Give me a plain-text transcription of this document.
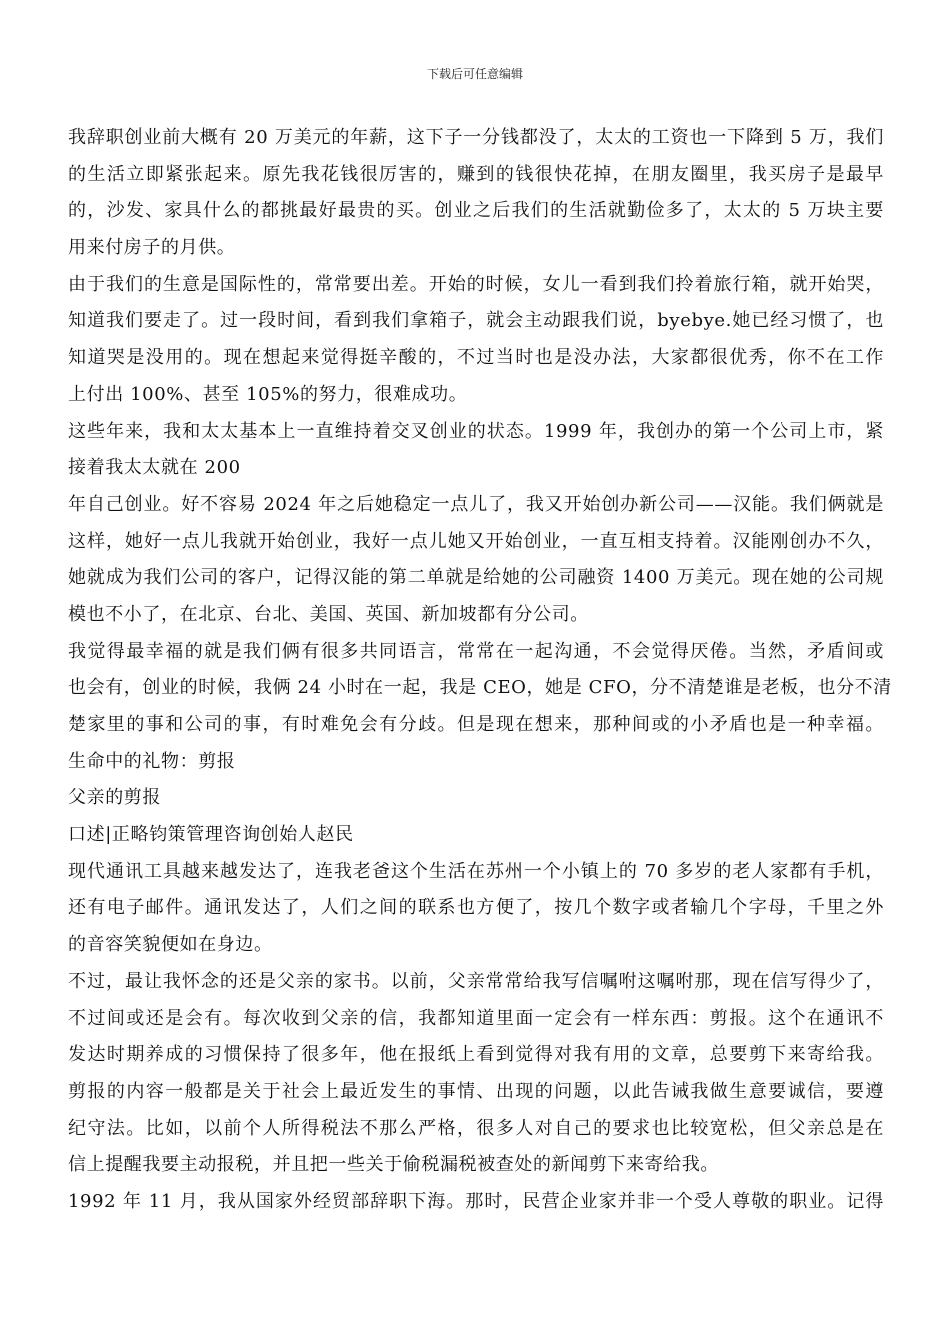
下载后可任意编辑
我辞职创业前大概有 20 万美元的年薪，这下子一分钱都没了，太太的工资也一下降到 5 万，我们
的生活立即紧张起来。原先我花钱很厉害的，赚到的钱很快花掉，在朋友圈里，我买房子是最早
的，沙发、家具什么的都挑最好最贵的买。创业之后我们的生活就勤俭多了，太太的 5 万块主要
用来付房子的月供。
由于我们的生意是国际性的，常常要出差。开始的时候，女儿一看到我们拎着旅行箱，就开始哭，
知道我们要走了。过一段时间，看到我们拿箱子，就会主动跟我们说，byebye.她已经习惯了，也
知道哭是没用的。现在想起来觉得挺辛酸的，不过当时也是没办法，大家都很优秀，你不在工作
上付出 100%、甚至 105%的努力，很难成功。
这些年来，我和太太基本上一直维持着交叉创业的状态。1999 年，我创办的第一个公司上市，紧
接着我太太就在 200
年自己创业。好不容易 2024 年之后她稳定一点儿了，我又开始创办新公司——汉能。我们俩就是
这样，她好一点儿我就开始创业，我好一点儿她又开始创业，一直互相支持着。汉能刚创办不久，
她就成为我们公司的客户，记得汉能的第二单就是给她的公司融资 1400 万美元。现在她的公司规
模也不小了，在北京、台北、美国、英国、新加坡都有分公司。
我觉得最幸福的就是我们俩有很多共同语言，常常在一起沟通，不会觉得厌倦。当然，矛盾间或
也会有，创业的时候，我俩 24 小时在一起，我是 CEO，她是 CFO，分不清楚谁是老板，也分不清
楚家里的事和公司的事，有时难免会有分歧。但是现在想来，那种间或的小矛盾也是一种幸福。
生命中的礼物：剪报
父亲的剪报
口述|正略钧策管理咨询创始人赵民
现代通讯工具越来越发达了，连我老爸这个生活在苏州一个小镇上的 70 多岁的老人家都有手机，
还有电子邮件。通讯发达了，人们之间的联系也方便了，按几个数字或者输几个字母，千里之外
的音容笑貌便如在身边。
不过，最让我怀念的还是父亲的家书。以前，父亲常常给我写信嘱咐这嘱咐那，现在信写得少了，
不过间或还是会有。每次收到父亲的信，我都知道里面一定会有一样东西：剪报。这个在通讯不
发达时期养成的习惯保持了很多年，他在报纸上看到觉得对我有用的文章，总要剪下来寄给我。
剪报的内容一般都是关于社会上最近发生的事情、出现的问题，以此告诫我做生意要诚信，要遵
纪守法。比如，以前个人所得税法不那么严格，很多人对自己的要求也比较宽松，但父亲总是在
信上提醒我要主动报税，并且把一些关于偷税漏税被查处的新闻剪下来寄给我。
1992 年 11 月，我从国家外经贸部辞职下海。那时，民营企业家并非一个受人尊敬的职业。记得
